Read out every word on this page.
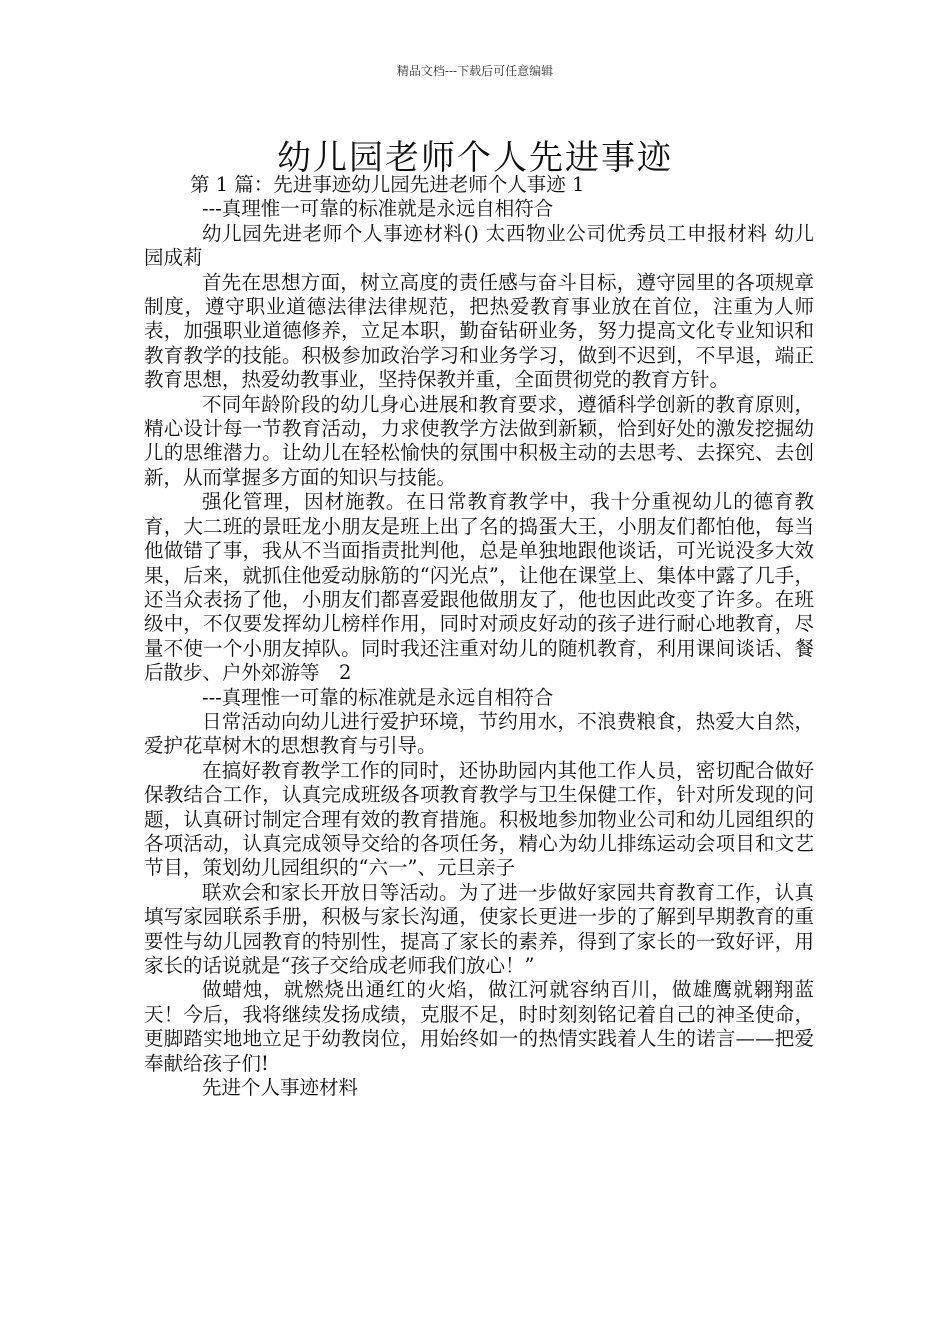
精品文档---下载后可任意编辑
幼儿园老师个人先进事迹

第 1 篇：先进事迹幼儿园先进老师个人事迹 1

---真理惟一可靠的标准就是永远自相符合

幼儿园先进老师个人事迹材料() 太西物业公司优秀员工申报材料 幼儿园成莉

首先在思想方面，树立高度的责任感与奋斗目标，遵守园里的各项规章制度，遵守职业道德法律法律规范，把热爱教育事业放在首位，注重为人师表，加强职业道德修养，立足本职，勤奋钻研业务，努力提高文化专业知识和教育教学的技能。积极参加政治学习和业务学习，做到不迟到，不早退，端正教育思想，热爱幼教事业，坚持保教并重，全面贯彻党的教育方针。

不同年龄阶段的幼儿身心进展和教育要求，遵循科学创新的教育原则，精心设计每一节教育活动，力求使教学方法做到新颖，恰到好处的激发挖掘幼儿的思维潜力。让幼儿在轻松愉快的氛围中积极主动的去思考、去探究、去创新，从而掌握多方面的知识与技能。

强化管理，因材施教。在日常教育教学中，我十分重视幼儿的德育教育，大二班的景旺龙小朋友是班上出了名的捣蛋大王，小朋友们都怕他，每当他做错了事，我从不当面指责批判他，总是单独地跟他谈话，可光说没多大效果，后来，就抓住他爱动脉筋的“闪光点”，让他在课堂上、集体中露了几手，还当众表扬了他，小朋友们都喜爱跟他做朋友了，他也因此改变了许多。在班级中，不仅要发挥幼儿榜样作用，同时对顽皮好动的孩子进行耐心地教育，尽量不使一个小朋友掉队。同时我还注重对幼儿的随机教育，利用课间谈话、餐后散步、户外郊游等　2

---真理惟一可靠的标准就是永远自相符合

日常活动向幼儿进行爱护环境，节约用水，不浪费粮食，热爱大自然，爱护花草树木的思想教育与引导。

在搞好教育教学工作的同时，还协助园内其他工作人员，密切配合做好保教结合工作，认真完成班级各项教育教学与卫生保健工作，针对所发现的问题，认真研讨制定合理有效的教育措施。积极地参加物业公司和幼儿园组织的各项活动，认真完成领导交给的各项任务，精心为幼儿排练运动会项目和文艺节目，策划幼儿园组织的“六一”、元旦亲子

联欢会和家长开放日等活动。为了进一步做好家园共育教育工作，认真填写家园联系手册，积极与家长沟通，使家长更进一步的了解到早期教育的重要性与幼儿园教育的特别性，提高了家长的素养，得到了家长的一致好评，用家长的话说就是“孩子交给成老师我们放心！”

做蜡烛，就燃烧出通红的火焰，做江河就容纳百川，做雄鹰就翱翔蓝天！今后，我将继续发扬成绩，克服不足，时时刻刻铭记着自己的神圣使命，更脚踏实地地立足于幼教岗位，用始终如一的热情实践着人生的诺言——把爱奉献给孩子们!

先进个人事迹材料
